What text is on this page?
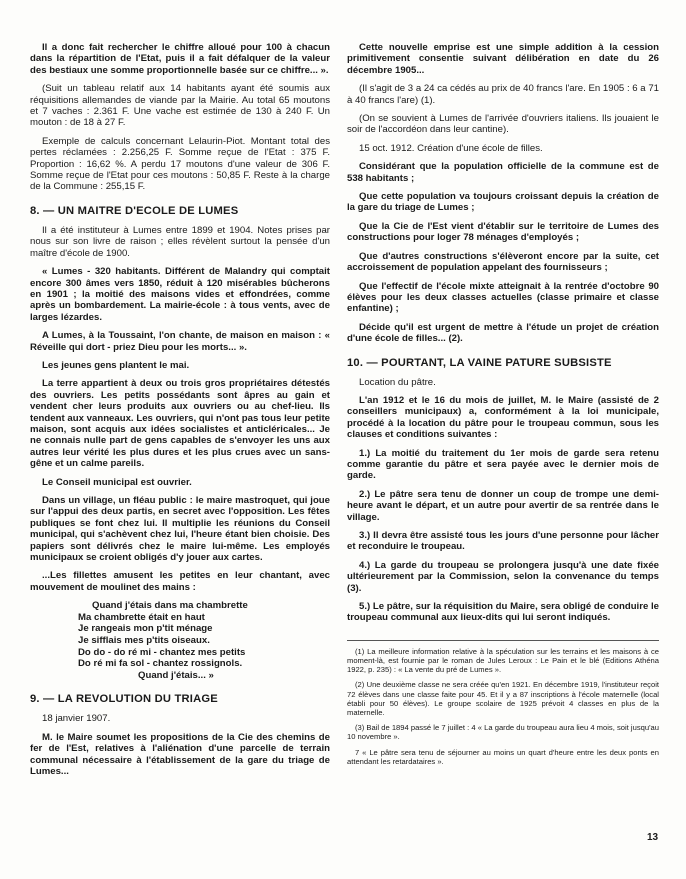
Il a donc fait rechercher le chiffre alloué pour 100 à chacun dans la répartition de l'Etat, puis il a fait défalquer de la valeur des bestiaux une somme proportionnelle basée sur ce chiffre... ».

(Suit un tableau relatif aux 14 habitants ayant été soumis aux réquisitions allemandes de viande par la Mairie. Au total 65 moutons et 7 vaches : 2.361 F. Une vache est estimée de 130 à 240 F. Un mouton : de 18 à 27 F.

Exemple de calculs concernant Lelaurin-Piot. Montant total des pertes réclamées : 2.256,25 F. Somme reçue de l'Etat : 375 F. Proportion : 16,62 %. A perdu 17 moutons d'une valeur de 306 F. Somme reçue de l'Etat pour ces moutons : 50,85 F. Reste à la charge de la Commune : 255,15 F.

8. — UN MAITRE D'ECOLE DE LUMES

Il a été instituteur à Lumes entre 1899 et 1904. Notes prises par nous sur son livre de raison ; elles révèlent surtout la pensée d'un maître d'école de 1900.

« Lumes - 320 habitants. Différent de Malandry qui comptait encore 300 âmes vers 1850, réduit à 120 misérables bûcherons en 1901 ; la moitié des maisons vides et effondrées, comme après un bombardement. La mairie-école : à tous vents, avec de larges lézardes.

A Lumes, à la Toussaint, l'on chante, de maison en maison : « Réveille qui dort - priez Dieu pour les morts... ».

Les jeunes gens plantent le mai.

La terre appartient à deux ou trois gros propriétaires détestés des ouvriers. Les petits possédants sont âpres au gain et vendent cher leurs produits aux ouvriers ou au chef-lieu. Ils tendent aux vanneaux. Les ouvriers, qui n'ont pas tous leur petite maison, sont acquis aux idées socialistes et anticléricales... Je ne connais nulle part de gens capables de s'envoyer les uns aux autres leur vérité les plus dures et les plus crues avec un sans-gêne et un calme pareils.

Le Conseil municipal est ouvrier.

Dans un village, un fléau public : le maire mastroquet, qui joue sur l'appui des deux partis, en secret avec l'opposition. Les fêtes publiques se font chez lui. Il multiplie les réunions du Conseil municipal, qui s'achèvent chez lui, l'heure étant bien choisie. Des papiers sont délivrés chez le maire lui-même. Les employés municipaux se croient obligés d'y jouer aux cartes.

...Les fillettes amusent les petites en leur chantant, avec mouvement de moulinet des mains :

Quand j'étais dans ma chambrette
Ma chambrette était en haut
Je rangeais mon p'tit ménage
Je sifflais mes p'tits oiseaux.
Do do - do ré mi - chantez mes petits
Do ré mi fa sol - chantez rossignols.
Quand j'étais... »
9. — LA REVOLUTION DU TRIAGE

18 janvier 1907.

M. le Maire soumet les propositions de la Cie des chemins de fer de l'Est, relatives à l'aliénation d'une parcelle de terrain communal nécessaire à l'établissement de la gare du triage de Lumes...

Cette nouvelle emprise est une simple addition à la cession primitivement consentie suivant délibération en date du 26 décembre 1905...

(Il s'agit de 3 a 24 ca cédés au prix de 40 francs l'are. En 1905 : 6 a 71 à 40 francs l'are) (1).

(On se souvient à Lumes de l'arrivée d'ouvriers italiens. Ils jouaient le soir de l'accordéon dans leur cantine).

15 oct. 1912. Création d'une école de filles.

Considérant que la population officielle de la commune est de 538 habitants ;

Que cette population va toujours croissant depuis la création de la gare du triage de Lumes ;

Que la Cie de l'Est vient d'établir sur le territoire de Lumes des constructions pour loger 78 ménages d'employés ;

Que d'autres constructions s'élèveront encore par la suite, cet accroissement de population appelant des fournisseurs ;

Que l'effectif de l'école mixte atteignait à la rentrée d'octobre 90 élèves pour les deux classes actuelles (classe primaire et classe enfantine) ;

Décide qu'il est urgent de mettre à l'étude un projet de création d'une école de filles... (2).

10. — POURTANT, LA VAINE PATURE SUBSISTE

Location du pâtre.

L'an 1912 et le 16 du mois de juillet, M. le Maire (assisté de 2 conseillers municipaux) a, conformément à la loi municipale, procédé à la location du pâtre pour le troupeau commun, sous les clauses et conditions suivantes :

1.) La moitié du traitement du 1er mois de garde sera retenu comme garantie du pâtre et sera payée avec le dernier mois de garde.

2.) Le pâtre sera tenu de donner un coup de trompe une demi-heure avant le départ, et un autre pour avertir de sa rentrée dans le village.

3.) Il devra être assisté tous les jours d'une personne pour lâcher et reconduire le troupeau.

4.) La garde du troupeau se prolongera jusqu'à une date fixée ultérieurement par la Commission, selon la convenance du temps (3).

5.) Le pâtre, sur la réquisition du Maire, sera obligé de conduire le troupeau communal aux lieux-dits qui lui seront indiqués.

(1) La meilleure information relative à la spéculation sur les terrains et les maisons à ce moment-là, est fournie par le roman de Jules Leroux : Le Pain et le blé (Editions Athéna 1922, p. 235) : « La vente du pré de Lumes ».

(2) Une deuxième classe ne sera créée qu'en 1921. En décembre 1919, l'instituteur reçoit 72 élèves dans une classe faite pour 45. Et il y a 87 inscriptions à l'école maternelle (local établi pour 50 élèves). Le groupe scolaire de 1925 prévoit 4 classes en plus de la maternelle.

(3) Bail de 1894 passé le 7 juillet : 4 « La garde du troupeau aura lieu 4 mois, soit jusqu'au 10 novembre ».

7 « Le pâtre sera tenu de séjourner au moins un quart d'heure entre les deux ponts en attendant les retardataires ».

13
